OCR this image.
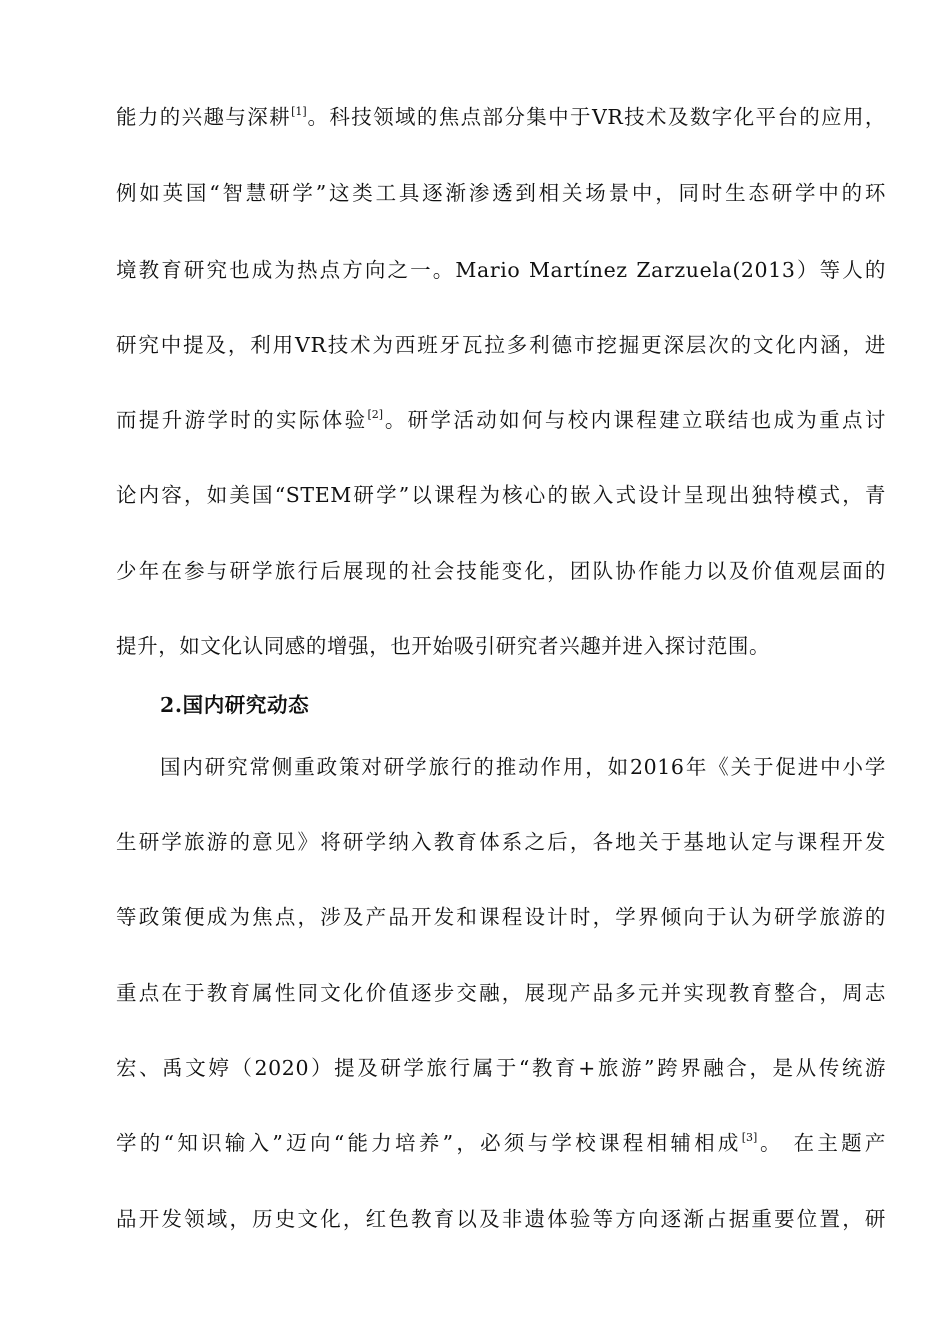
能力的兴趣与深耕[1]。科技领域的焦点部分集中于VR技术及数字化平台的应用，
例如英国“智慧研学”这类工具逐渐渗透到相关场景中，同时生态研学中的环
境教育研究也成为热点方向之一。Mario Martínez Zarzuela(2013）等人的
研究中提及，利用VR技术为西班牙瓦拉多利德市挖掘更深层次的文化内涵，进
而提升游学时的实际体验[2]。研学活动如何与校内课程建立联结也成为重点讨
论内容，如美国“STEM研学”以课程为核心的嵌入式设计呈现出独特模式，青
少年在参与研学旅行后展现的社会技能变化，团队协作能力以及价值观层面的
提升，如文化认同感的增强，也开始吸引研究者兴趣并进入探讨范围。
2.国内研究动态
国内研究常侧重政策对研学旅行的推动作用，如2016年《关于促进中小学
生研学旅游的意见》将研学纳入教育体系之后，各地关于基地认定与课程开发
等政策便成为焦点，涉及产品开发和课程设计时，学界倾向于认为研学旅游的
重点在于教育属性同文化价值逐步交融，展现产品多元并实现教育整合，周志
宏、禹文婷（2020）提及研学旅行属于“教育+旅游”跨界融合，是从传统游
学的“知识输入”迈向“能力培养”，必须与学校课程相辅相成[3]。 在主题产
品开发领域，历史文化，红色教育以及非遗体验等方向逐渐占据重要位置，研
